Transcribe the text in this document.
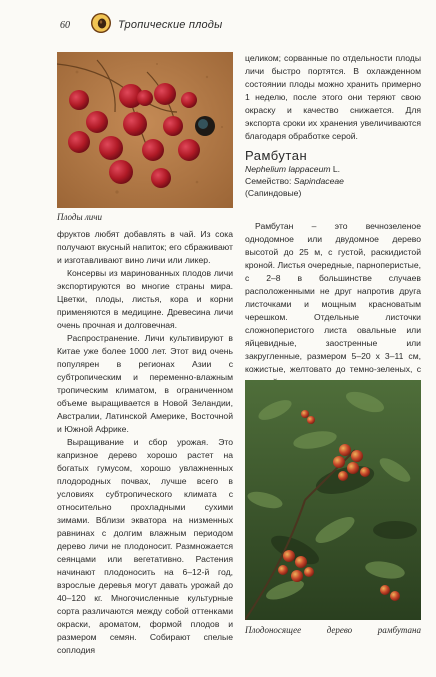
60	Тропические плоды
Плоды личи

фруктов любят добавлять в чай. Из сока получают вкусный напиток; его сбраживают и изготавливают вино личи или ликер.

Консервы из маринованных плодов личи экспортируются во многие страны мира. Цветки, плоды, листья, кора и корни применяются в медицине. Древесина личи очень прочная и долговечная.

Распространение. Личи культивируют в Китае уже более 1000 лет. Этот вид очень популярен в регионах Азии с субтропическим и переменно-влажным тропическим климатом, в ограниченном объеме выращивается в Новой Зеландии, Австралии, Латинской Америке, Восточной и Южной Африке.

Выращивание и сбор урожая. Это капризное дерево хорошо растет на богатых гумусом, хорошо увлажненных плодородных почвах, лучше всего в условиях субтропического климата с относительно прохладными сухими зимами. Вблизи экватора на низменных равнинах с долгим влажным периодом дерево личи не плодоносит. Размножается сеянцами или вегетативно. Растения начинают плодоносить на 6–12-й год, взрослые деревья могут давать урожай до 40–120 кг. Многочисленные культурные сорта различаются между собой оттенками окраски, ароматом, формой плодов и размером семян. Собирают спелые соплодия

целиком; сорванные по отдельности плоды личи быстро портятся. В охлажденном состоянии плоды можно хранить примерно 1 неделю, после этого они теряют свою окраску и качество снижается. Для экспорта сроки их хранения увеличиваются благодаря обработке серой.

Рамбутан
Nephelium lappaceum L.
Семейство: Sapindaceae
(Сапиндовые)

Рамбутан – это вечнозеленое однодомное или двудомное дерево высотой до 25 м, с густой, раскидистой кроной. Листья очередные, парноперистые, с 2–8 в большинстве случаев расположенными не друг напротив друга листочками и мощным красноватым черешком. Отдельные листочки сложноперистого листа овальные или яйцевидные, заостренные или закругленные, размером 5–20 x 3–11 см, кожистые, желтовато до темно-зеленых, с

Плодоносящее	дерево	рамбутана
